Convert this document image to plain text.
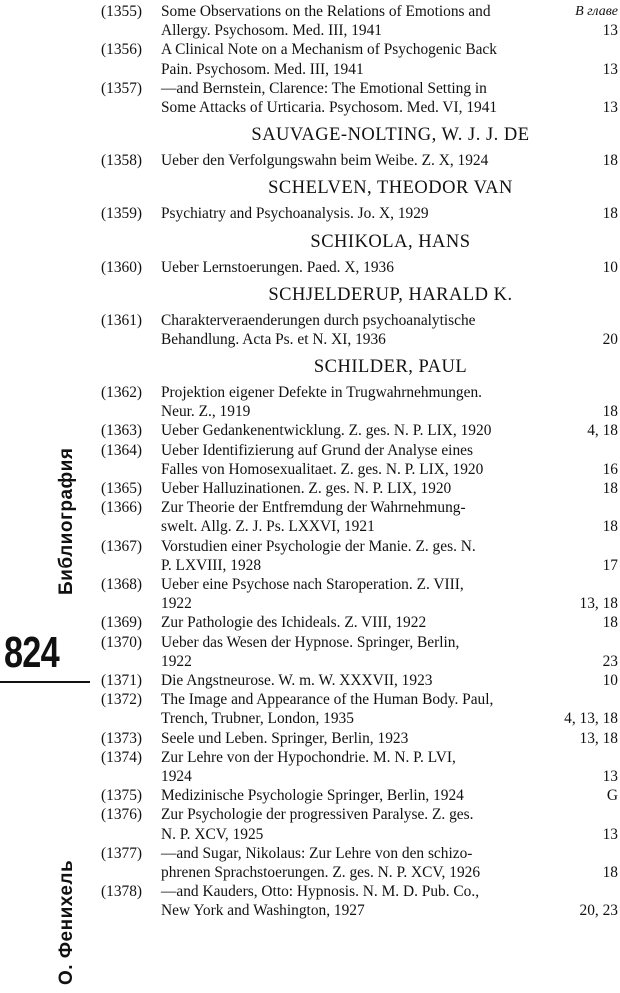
Библиография
824
О. Фенихель
В главе
(1355)	Some Observations on the Relations of Emotions and
Allergy. Psychosom. Med. III, 1941	13
(1356)	A Clinical Note on a Mechanism of Psychogenic Back
Pain. Psychosom. Med. III, 1941	13
(1357)	—and Bernstein, Clarence: The Emotional Setting in
Some Attacks of Urticaria. Psychosom. Med. VI, 1941	13
SAUVAGE-NOLTING, W. J. J. DE
(1358)	Ueber den Verfolgungswahn beim Weibe. Z. X, 1924	18
SCHELVEN, THEODOR VAN
(1359)	Psychiatry and Psychoanalysis. Jo. X, 1929	18
SCHIKOLA, HANS
(1360)	Ueber Lernstoerungen. Paed. X, 1936	10
SCHJELDERUP, HARALD K.
(1361)	Charakterveraenderungen durch psychoanalytische
Behandlung. Acta Ps. et N. XI, 1936	20
SCHILDER, PAUL
(1362)	Projektion eigener Defekte in Trugwahrnehmungen.
Neur. Z., 1919	18
(1363)	Ueber Gedankenentwicklung. Z. ges. N. P. LIX, 1920	4, 18
(1364)	Ueber Identifizierung auf Grund der Analyse eines
Falles von Homosexualitaet. Z. ges. N. P. LIX, 1920	16
(1365)	Ueber Halluzinationen. Z. ges. N. P. LIX, 1920	18
(1366)	Zur Theorie der Entfremdung der Wahrnehmung-
swelt. Allg. Z. J. Ps. LXXVI, 1921	18
(1367)	Vorstudien einer Psychologie der Manie. Z. ges. N.
P. LXVIII, 1928	17
(1368)	Ueber eine Psychose nach Staroperation. Z. VIII,
1922	13, 18
(1369)	Zur Pathologie des Ichideals. Z. VIII, 1922	18
(1370)	Ueber das Wesen der Hypnose. Springer, Berlin,
1922	23
(1371)	Die Angstneurose. W. m. W. XXXVII, 1923	10
(1372)	The Image and Appearance of the Human Body. Paul,
Trench, Trubner, London, 1935	4, 13, 18
(1373)	Seele und Leben. Springer, Berlin, 1923	13, 18
(1374)	Zur Lehre von der Hypochondrie. M. N. P. LVI,
1924	13
(1375)	Medizinische Psychologie Springer, Berlin, 1924	G
(1376)	Zur Psychologie der progressiven Paralyse. Z. ges.
N. P. XCV, 1925	13
(1377)	—and Sugar, Nikolaus: Zur Lehre von den schizo-
phrenen Sprachstoerungen. Z. ges. N. P. XCV, 1926	18
(1378)	—and Kauders, Otto: Hypnosis. N. M. D. Pub. Co.,
New York and Washington, 1927	20, 23
